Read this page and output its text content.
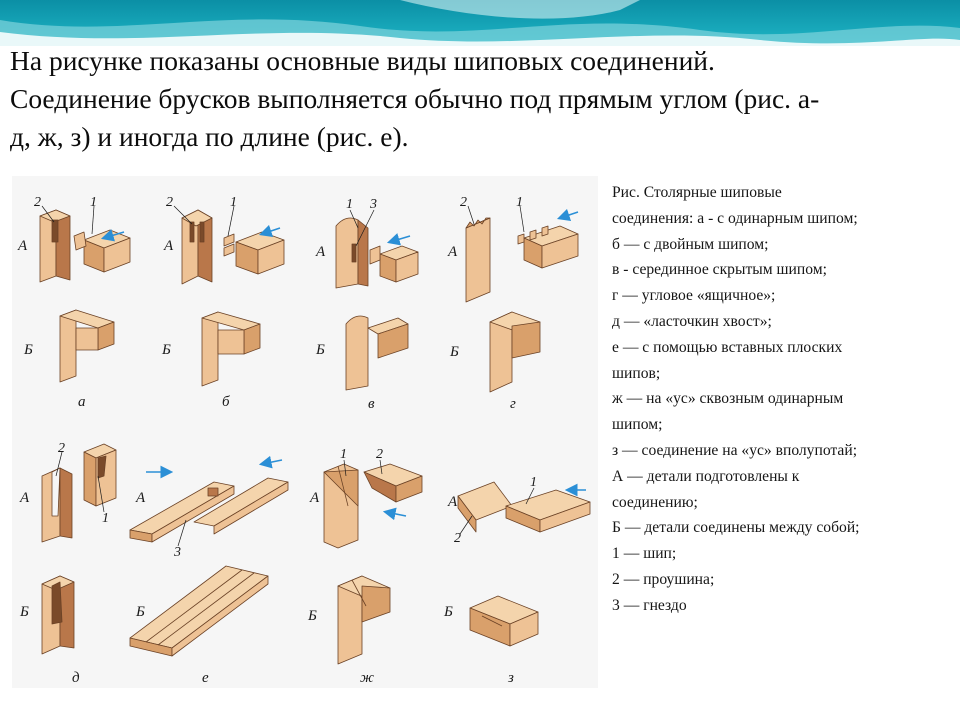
На рисунке показаны основные виды шиповых соединений.
Соединение брусков выполняется обычно под прямым углом (рис. а-
д, ж, з) и иногда по длине (рис. е).
А	А	А	А
Б	Б	Б	Б
А	А	А	А
Б	Б	Б	Б
2	1	2	1	1 3	2	1
2
1
3
1 2
1
2
а	б	в	г
д	е	ж	з
Рис. Столярные шиповые
соединения: а - с одинарным шипом;
б — с двойным шипом;
в - серединное скрытым шипом;
г — угловое «ящичное»;
д — «ласточкин хвост»;
е — с помощью вставных плоских
шипов;
ж — на «ус» сквозным одинарным
шипом;
з — соединение на «ус» вполупотай;
А — детали подготовлены к
соединению;
Б — детали соединены между собой;
1 — шип;
2 — проушина;
3 — гнездо
